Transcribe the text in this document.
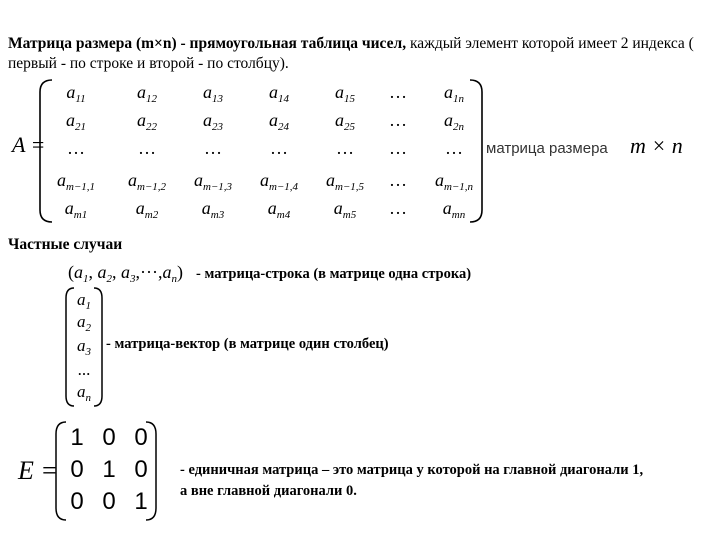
Матрица размера (m×n) - прямоугольная таблица чисел, каждый элемент которой имеет 2 индекса ( первый - по строке и второй - по столбцу).
A =
$a_{11}$	$a_{12}$	$a_{13}$	$a_{14}$	$a_{15}$	…	$a_{1n}$
$a_{21}$	$a_{22}$	$a_{23}$	$a_{24}$	$a_{25}$	…	$a_{2n}$
…	…	…	…	…	…	…
$a_{m-1,1}$	$a_{m-1,2}$	$a_{m-1,3}$	$a_{m-1,4}$	$a_{m-1,5}$	…	$a_{m-1,n}$
$a_{m1}$	$a_{m2}$	$a_{m3}$	$a_{m4}$	$a_{m5}$	…	$a_{mn}$
матрица размера m × n
Частные случаи
($a_1$, $a_2$, $a_3,\cdot\cdot\cdot,a_n$) - матрица-строка (в матрице одна строка)
$a_1$
$a_2$
$a_3$
...
$a_n$
- матрица-вектор (в матрице один столбец)
E =
1 0 0
0 1 0
0 0 1
- единичная матрица – это матрица у которой на главной диагонали 1,
а вне главной диагонали 0.
